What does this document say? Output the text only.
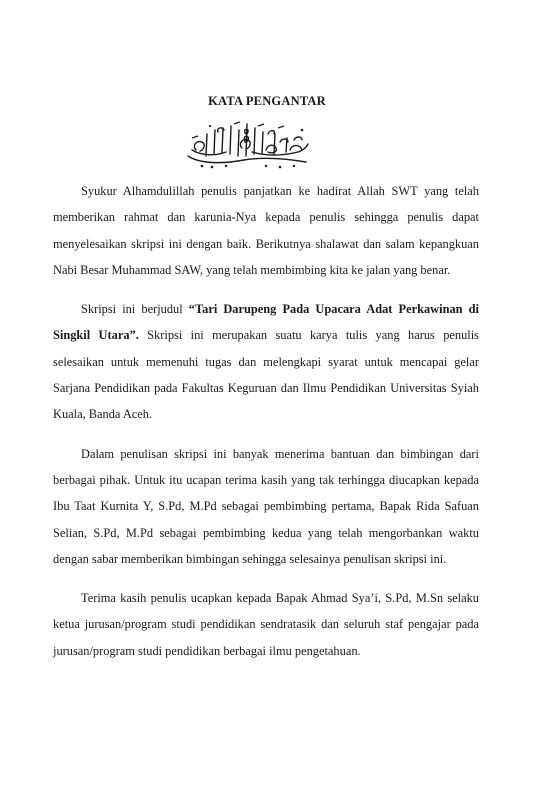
KATA PENGANTAR

Syukur Alhamdulillah penulis panjatkan ke hadirat Allah SWT yang telah memberikan rahmat dan karunia-Nya kepada penulis sehingga penulis dapat menyelesaikan skripsi ini dengan baik. Berikutnya shalawat dan salam kepangkuan Nabi Besar Muhammad SAW, yang telah membimbing kita ke jalan yang benar.

Skripsi ini berjudul “Tari Darupeng Pada Upacara Adat Perkawinan di Singkil Utara”. Skripsi ini merupakan suatu karya tulis yang harus penulis selesaikan untuk memenuhi tugas dan melengkapi syarat untuk mencapai gelar Sarjana Pendidikan pada Fakultas Keguruan dan Ilmu Pendidikan Universitas Syiah Kuala, Banda Aceh.

Dalam penulisan skripsi ini banyak menerima bantuan dan bimbingan dari berbagai pihak. Untuk itu ucapan terima kasih yang tak terhingga diucapkan kepada Ibu Taat Kurnita Y, S.Pd, M.Pd sebagai pembimbing pertama, Bapak Rida Safuan Selian, S.Pd, M.Pd sebagai pembimbing kedua yang telah mengorbankan waktu dengan sabar memberikan bimbingan sehingga selesainya penulisan skripsi ini.

Terima kasih penulis ucapkan kepada Bapak Ahmad Sya’i, S.Pd, M.Sn selaku ketua jurusan/program studi pendidikan sendratasik dan seluruh staf pengajar pada jurusan/program studi pendidikan berbagai ilmu pengetahuan.
